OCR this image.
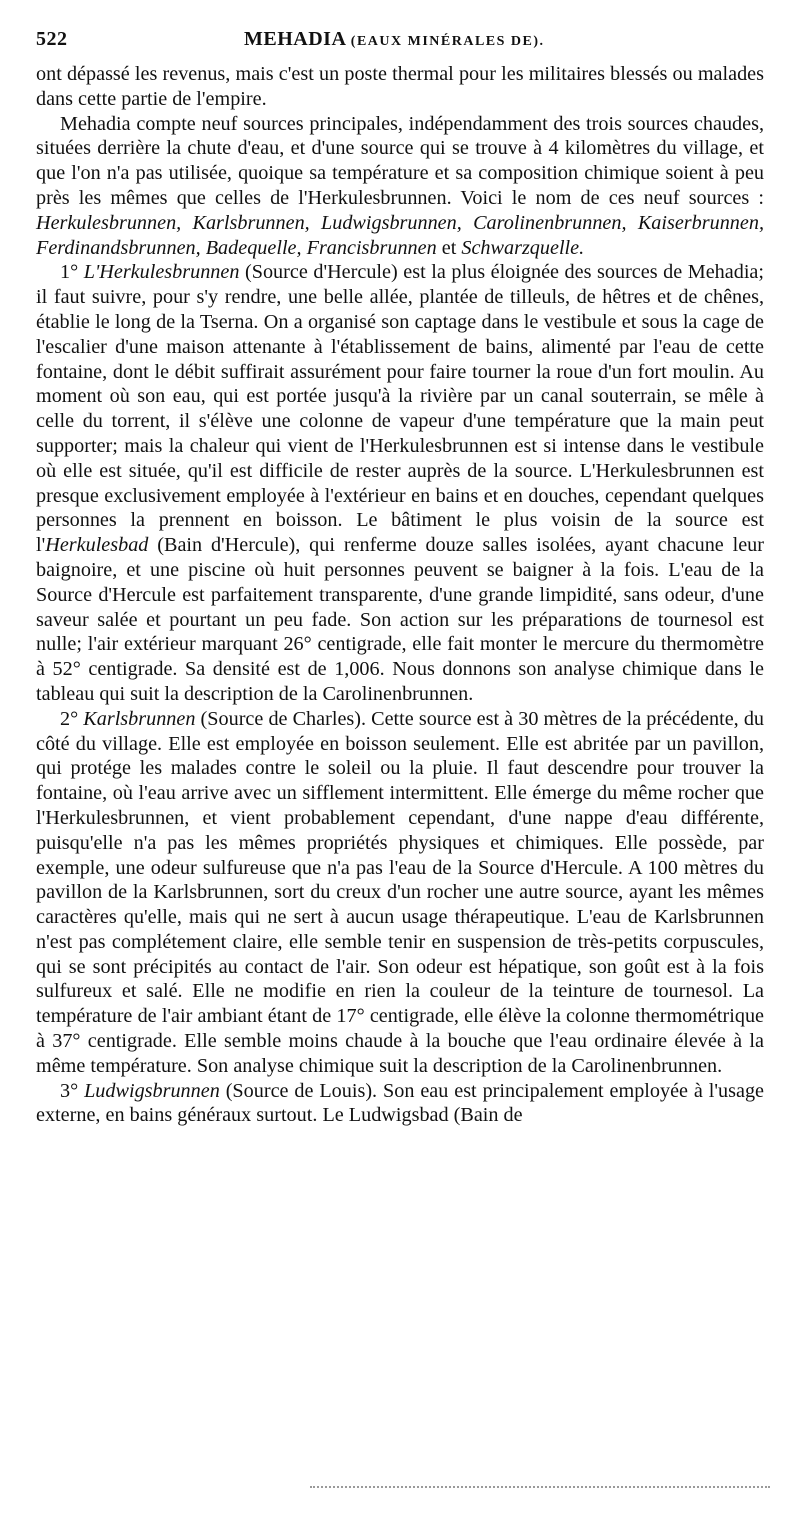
522	MEHADIA (EAUX MINÉRALES DE).

ont dépassé les revenus, mais c'est un poste thermal pour les militaires blessés ou malades dans cette partie de l'empire.

Mehadia compte neuf sources principales, indépendamment des trois sources chaudes, situées derrière la chute d'eau, et d'une source qui se trouve à 4 kilomètres du village, et que l'on n'a pas utilisée, quoique sa température et sa composition chimique soient à peu près les mêmes que celles de l'Herkulesbrunnen. Voici le nom de ces neuf sources : Herkulesbrunnen, Karlsbrunnen, Ludwigsbrunnen, Carolinenbrunnen, Kaiserbrunnen, Ferdinandsbrunnen, Badequelle, Francisbrunnen et Schwarzquelle.

1° L'Herkulesbrunnen (Source d'Hercule) est la plus éloignée des sources de Mehadia; il faut suivre, pour s'y rendre, une belle allée, plantée de tilleuls, de hêtres et de chênes, établie le long de la Tserna. On a organisé son captage dans le vestibule et sous la cage de l'escalier d'une maison attenante à l'établissement de bains, alimenté par l'eau de cette fontaine, dont le débit suffirait assurément pour faire tourner la roue d'un fort moulin. Au moment où son eau, qui est portée jusqu'à la rivière par un canal souterrain, se mêle à celle du torrent, il s'élève une colonne de vapeur d'une température que la main peut supporter; mais la chaleur qui vient de l'Herkulesbrunnen est si intense dans le vestibule où elle est située, qu'il est difficile de rester auprès de la source. L'Herkulesbrunnen est presque exclusivement employée à l'extérieur en bains et en douches, cependant quelques personnes la prennent en boisson. Le bâtiment le plus voisin de la source est l'Herkulesbad (Bain d'Hercule), qui renferme douze salles isolées, ayant chacune leur baignoire, et une piscine où huit personnes peuvent se baigner à la fois. L'eau de la Source d'Hercule est parfaitement transparente, d'une grande limpidité, sans odeur, d'une saveur salée et pourtant un peu fade. Son action sur les préparations de tournesol est nulle; l'air extérieur marquant 26° centigrade, elle fait monter le mercure du thermomètre à 52° centigrade. Sa densité est de 1,006. Nous donnons son analyse chimique dans le tableau qui suit la description de la Carolinenbrunnen.

2° Karlsbrunnen (Source de Charles). Cette source est à 30 mètres de la précédente, du côté du village. Elle est employée en boisson seulement. Elle est abritée par un pavillon, qui protége les malades contre le soleil ou la pluie. Il faut descendre pour trouver la fontaine, où l'eau arrive avec un sifflement intermittent. Elle émerge du même rocher que l'Herkulesbrunnen, et vient probablement cependant, d'une nappe d'eau différente, puisqu'elle n'a pas les mêmes propriétés physiques et chimiques. Elle possède, par exemple, une odeur sulfureuse que n'a pas l'eau de la Source d'Hercule. A 100 mètres du pavillon de la Karlsbrunnen, sort du creux d'un rocher une autre source, ayant les mêmes caractères qu'elle, mais qui ne sert à aucun usage thérapeutique. L'eau de Karlsbrunnen n'est pas complétement claire, elle semble tenir en suspension de très-petits corpuscules, qui se sont précipités au contact de l'air. Son odeur est hépatique, son goût est à la fois sulfureux et salé. Elle ne modifie en rien la couleur de la teinture de tournesol. La température de l'air ambiant étant de 17° centigrade, elle élève la colonne thermométrique à 37° centigrade. Elle semble moins chaude à la bouche que l'eau ordinaire élevée à la même température. Son analyse chimique suit la description de la Carolinenbrunnen.

3° Ludwigsbrunnen (Source de Louis). Son eau est principalement employée à l'usage externe, en bains généraux surtout. Le Ludwigsbad (Bain de
